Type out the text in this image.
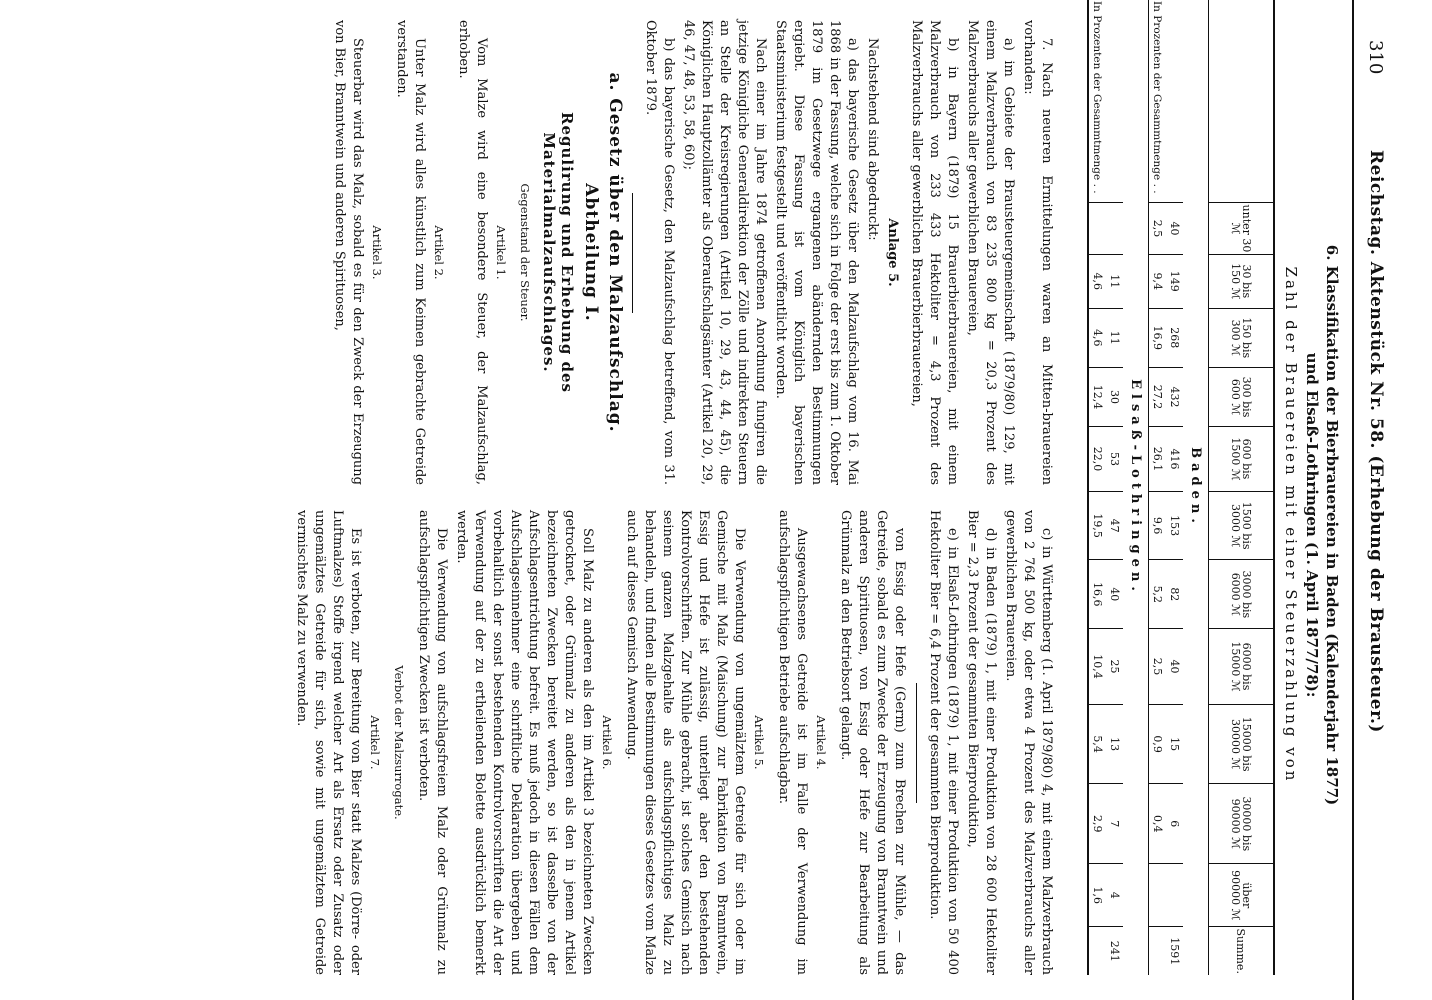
310
Reichstag. Aktenstück Nr. 58. (Erhebung der Brausteuer.)
6. Klassifikation der Bierbrauereien in Baden (Kalenderjahr 1877)
und Elsaß-Lothringen (1. April 1877/78):
Zahl der Brauereien mit einer Steuerzahlung von
	unter 30 ℳ	30 bis 150 ℳ	150 bis 300 ℳ	300 bis 600 ℳ	600 bis 1500 ℳ	1500 bis 3000 ℳ	3000 bis 6000 ℳ	6000 bis 15000 ℳ	15000 bis 30000 ℳ	30000 bis 90000 ℳ	über 90000 ℳ	Summe.
Baden.												
	40	149	268	432	416	153	82	40	15	6		1591
In Prozenten der Gesammtmenge . .	2,5	9,4	16,9	27,2	26,1	9,6	5,2	2,5	0,9	0,4		
Elsaß-Lothringen.												
		11	11	30	53	47	40	25	13	7	4	241
In Prozenten der Gesammtmenge . .		4,6	4,6	12,4	22,0	19,5	16,6	10,4	5,4	2,9	1,6	

7. Nach neueren Ermittelungen waren an Mitten-brauereien vorhanden:

a) im Gebiete der Brausteuergemeinschaft (1879/80) 129, mit einem Malzverbrauch von 83 235 800 kg = 20,3 Prozent des Malzverbrauchs aller gewerblichen Brauereien,

b) in Bayern (1879) 15 Brauerbierbrauereien, mit einem Malzverbrauch von 233 433 Hektoliter = 4,3 Prozent des Malzverbrauchs aller gewerblichen Brauerbierbrauereien,

Anlage 5.

Nachstehend sind abgedruckt:

a) das bayerische Gesetz über den Malzaufschlag vom 16. Mai 1868 in der Fassung, welche sich in Folge der erst bis zum 1. Oktober 1879 im Gesetzwege ergangenen abändernden Bestimmungen ergiebt. Diese Fassung ist vom Königlich bayerischen Staatsministerium festgestellt und veröffentlicht worden.

Nach einer im Jahre 1874 getroffenen Anordnung fungiren die jetzige Königliche Generaldirektion der Zölle und indirekten Steuern an Stelle der Kreisregierungen (Artikel 10, 29, 43, 44, 45), die Königlichen Hauptzollämter als Oberaufschlagsämter (Artikel 20, 29, 46, 47, 48, 53, 58, 60);

b) das bayerische Gesetz, den Malzaufschlag betreffend, vom 31. Oktober 1879.

a. Gesetz über den Malzaufschlag.

Abtheilung I.

Regulirung und Erhebung des Materialmalzaufschlages.

Gegenstand der Steuer.

Artikel 1.

Vom Malze wird eine besondere Steuer, der Malzaufschlag, erhoben.

Artikel 2.

Unter Malz wird alles künstlich zum Keimen gebrachte Getreide verstanden.

Artikel 3.

Steuerbar wird das Malz, sobald es für den Zweck der Erzeugung von Bier, Branntwein und anderen Spirituosen,

c) in Württemberg (1. April 1879/80) 4, mit einem Malzverbrauch von 2 764 500 kg, oder etwa 4 Prozent des Malzverbrauchs aller gewerblichen Brauereien.

d) in Baden (1879) 1, mit einer Produktion von 28 600 Hektoliter Bier = 2,3 Prozent der gesammten Bierproduktion,

e) in Elsaß-Lothringen (1879) 1, mit einer Produktion von 50 400 Hektoliter Bier = 6,4 Prozent der gesammten Bierproduktion.

von Essig oder Hefe (Germ) zum Brechen zur Mühle, — das Getreide, sobald es zum Zwecke der Erzeugung von Branntwein und anderen Spirituosen, von Essig oder Hefe zur Bearbeitung als Grünmalz an den Betriebsort gelangt.

Artikel 4.

Ausgewachsenes Getreide ist im Falle der Verwendung im aufschlagspflichtigen Betriebe aufschlagbar.

Artikel 5.

Die Verwendung von ungemälztem Getreide für sich oder im Gemische mit Malz (Maischung) zur Fabrikation von Branntwein, Essig und Hefe ist zulässig, unterliegt aber den bestehenden Kontrolvorschriften. Zur Mühle gebracht, ist solches Gemisch nach seinem ganzen Malzgehalte als aufschlagspflichtiges Malz zu behandeln, und finden alle Bestimmungen dieses Gesetzes vom Malze auch auf dieses Gemisch Anwendung.

Artikel 6.

Soll Malz zu anderen als den im Artikel 3 bezeichneten Zwecken getrocknet, oder Grünmalz zu anderen als den in jenem Artikel bezeichneten Zwecken bereitet werden, so ist dasselbe von der Aufschlagsentrichtung befreit. Es muß jedoch in diesen Fällen dem Aufschlagseinnehmer eine schriftliche Deklaration übergeben und vorbehaltlich der sonst bestehenden Kontrolvorschriften die Art der Verwendung auf der zu ertheilenden Bolette ausdrücklich bemerkt werden.

Die Verwendung von aufschlagsfreiem Malz oder Grünmalz zu aufschlagspflichtigen Zwecken ist verboten.

Verbot der Malzsurrogate.

Artikel 7.

Es ist verboten, zur Bereitung von Bier statt Malzes (Dörre- oder Luftmalzes) Stoffe irgend welcher Art als Ersatz oder Zusatz oder ungemälztes Getreide für sich, sowie mit ungemälztem Getreide vermischtes Malz zu verwenden.
